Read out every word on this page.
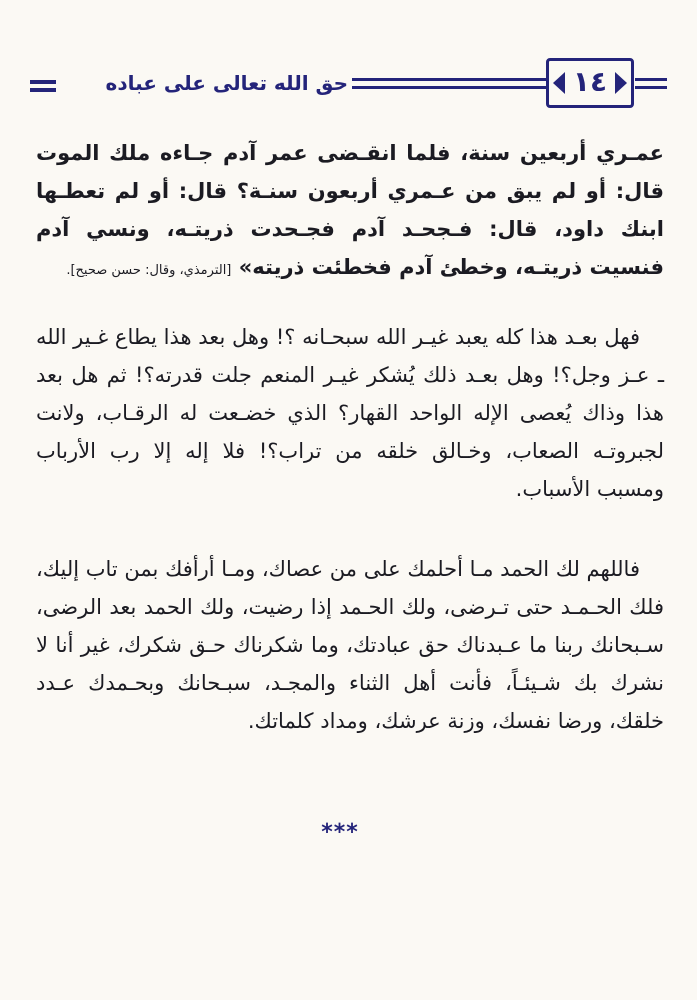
حق الله تعالى على عباده	١٤
عمـري أربعين سنة، فلما انقـضى عمر آدم جـاءه ملك الموت قال: أو لم يبق من عـمري أربعون سنـة؟ قال: أو لم تعطـها ابنك داود، قال: فـجحـد آدم فجـحدت ذريتـه، ونسي آدم فنسيت ذريتـه، وخطئ آدم فخطئت ذريته» [الترمذي، وقال: حسن صحيح].
فهل بعـد هذا كله يعبد غيـر الله سبحـانه ؟! وهل بعد هذا يطاع غـير الله ـ عـز وجل؟! وهل بعـد ذلك يُشكر غيـر المنعم جلت قدرته؟! ثم هل بعد هذا وذاك يُعصى الإله الواحد القهار؟ الذي خضـعت له الرقـاب، ولانت لجبروتـه الصعاب، وخـالق خلقه من تراب؟! فلا إله إلا رب الأرباب ومسبب الأسباب.
فاللهم لك الحمد مـا أحلمك على من عصاك، ومـا أرأفك بمن تاب إليك، فلك الحـمـد حتى تـرضى، ولك الحـمد إذا رضيت، ولك الحمد بعد الرضى، سـبحانك ربنا ما عـبدناك حق عبادتك، وما شكرناك حـق شكرك، غير أنا لا نشرك بك شـيئـاً، فأنت أهل الثناء والمجـد، سبـحانك وبحـمدك عـدد خلقك، ورضا نفسك، وزنة عرشك، ومداد كلماتك.
***
